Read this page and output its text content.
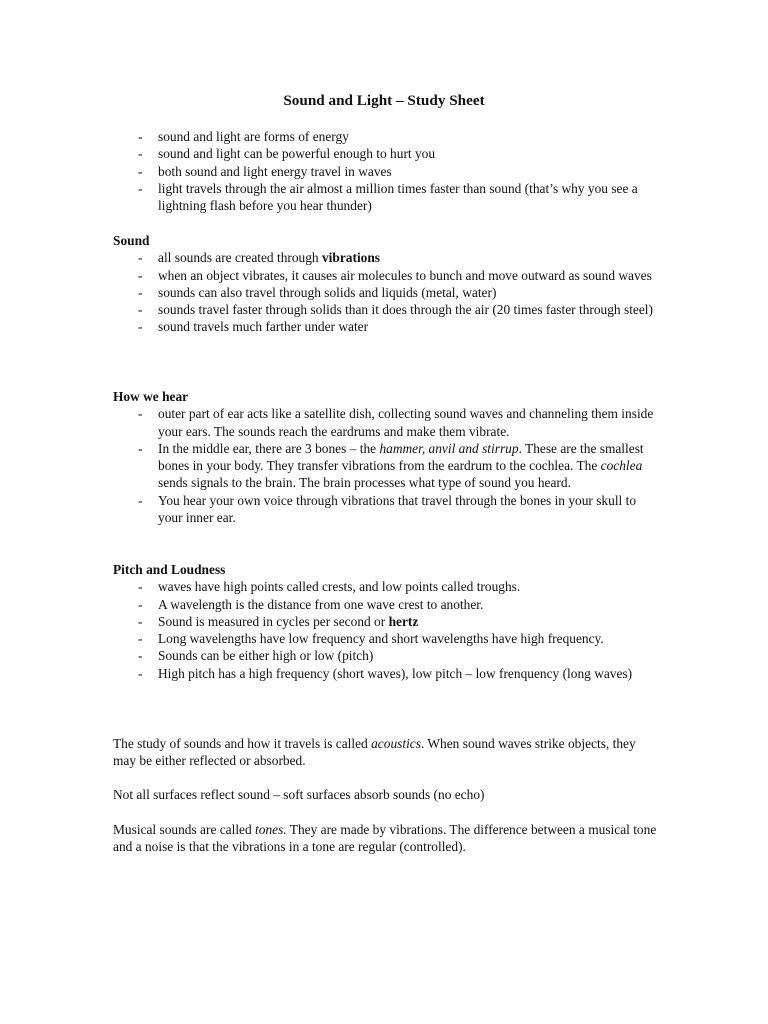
Sound and Light – Study Sheet
- sound and light are forms of energy
- sound and light can be powerful enough to hurt you
- both sound and light energy travel in waves
- light travels through the air almost a million times faster than sound (that’s why you see a lightning flash before you hear thunder)

Sound

- all sounds are created through vibrations
- when an object vibrates, it causes air molecules to bunch and move outward as sound waves
- sounds can also travel through solids and liquids (metal, water)
- sounds travel faster through solids than it does through the air (20 times faster through steel)
- sound travels much farther under water

How we hear

- outer part of ear acts like a satellite dish, collecting sound waves and channeling them inside your ears. The sounds reach the eardrums and make them vibrate.
- In the middle ear, there are 3 bones – the hammer, anvil and stirrup. These are the smallest bones in your body. They transfer vibrations from the eardrum to the cochlea. The cochlea sends signals to the brain. The brain processes what type of sound you heard.
- You hear your own voice through vibrations that travel through the bones in your skull to your inner ear.

Pitch and Loudness

- waves have high points called crests, and low points called troughs.
- A wavelength is the distance from one wave crest to another.
- Sound is measured in cycles per second or hertz
- Long wavelengths have low frequency and short wavelengths have high frequency.
- Sounds can be either high or low (pitch)
- High pitch has a high frequency (short waves), low pitch – low frenquency (long waves)

The study of sounds and how it travels is called acoustics. When sound waves strike objects, they may be either reflected or absorbed.

Not all surfaces reflect sound – soft surfaces absorb sounds (no echo)

Musical sounds are called tones. They are made by vibrations. The difference between a musical tone and a noise is that the vibrations in a tone are regular (controlled).
